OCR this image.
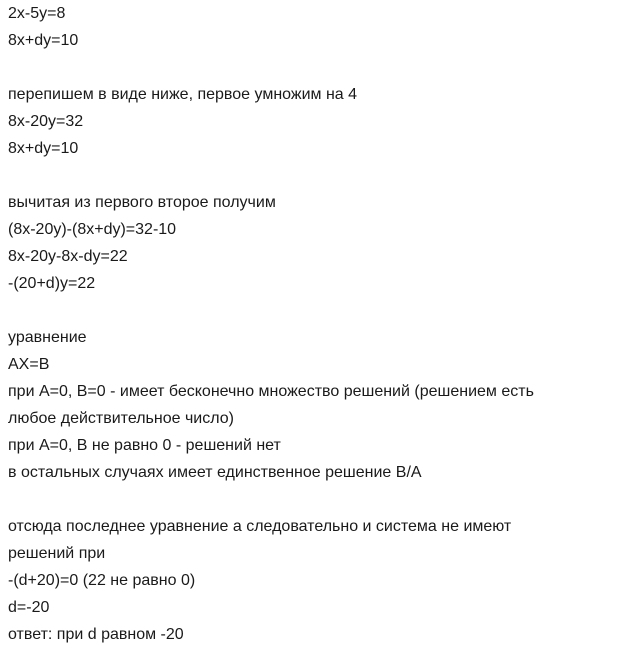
2x-5y=8
8x+dy=10
перепишем в виде ниже, первое умножим на 4
8x-20y=32
8x+dy=10
вычитая из первого второе получим
(8x-20y)-(8x+dy)=32-10
8x-20y-8x-dy=22
-(20+d)y=22
уравнение
AX=B
при A=0, B=0 - имеет бесконечно множество решений (решением есть
любое действительное число)
при A=0, B не равно 0 - решений нет
в остальных случаях имеет единственное решение B/A
отсюда последнее уравнение а следовательно и система не имеют
решений при
-(d+20)=0 (22 не равно 0)
d=-20
ответ: при d равном -20
